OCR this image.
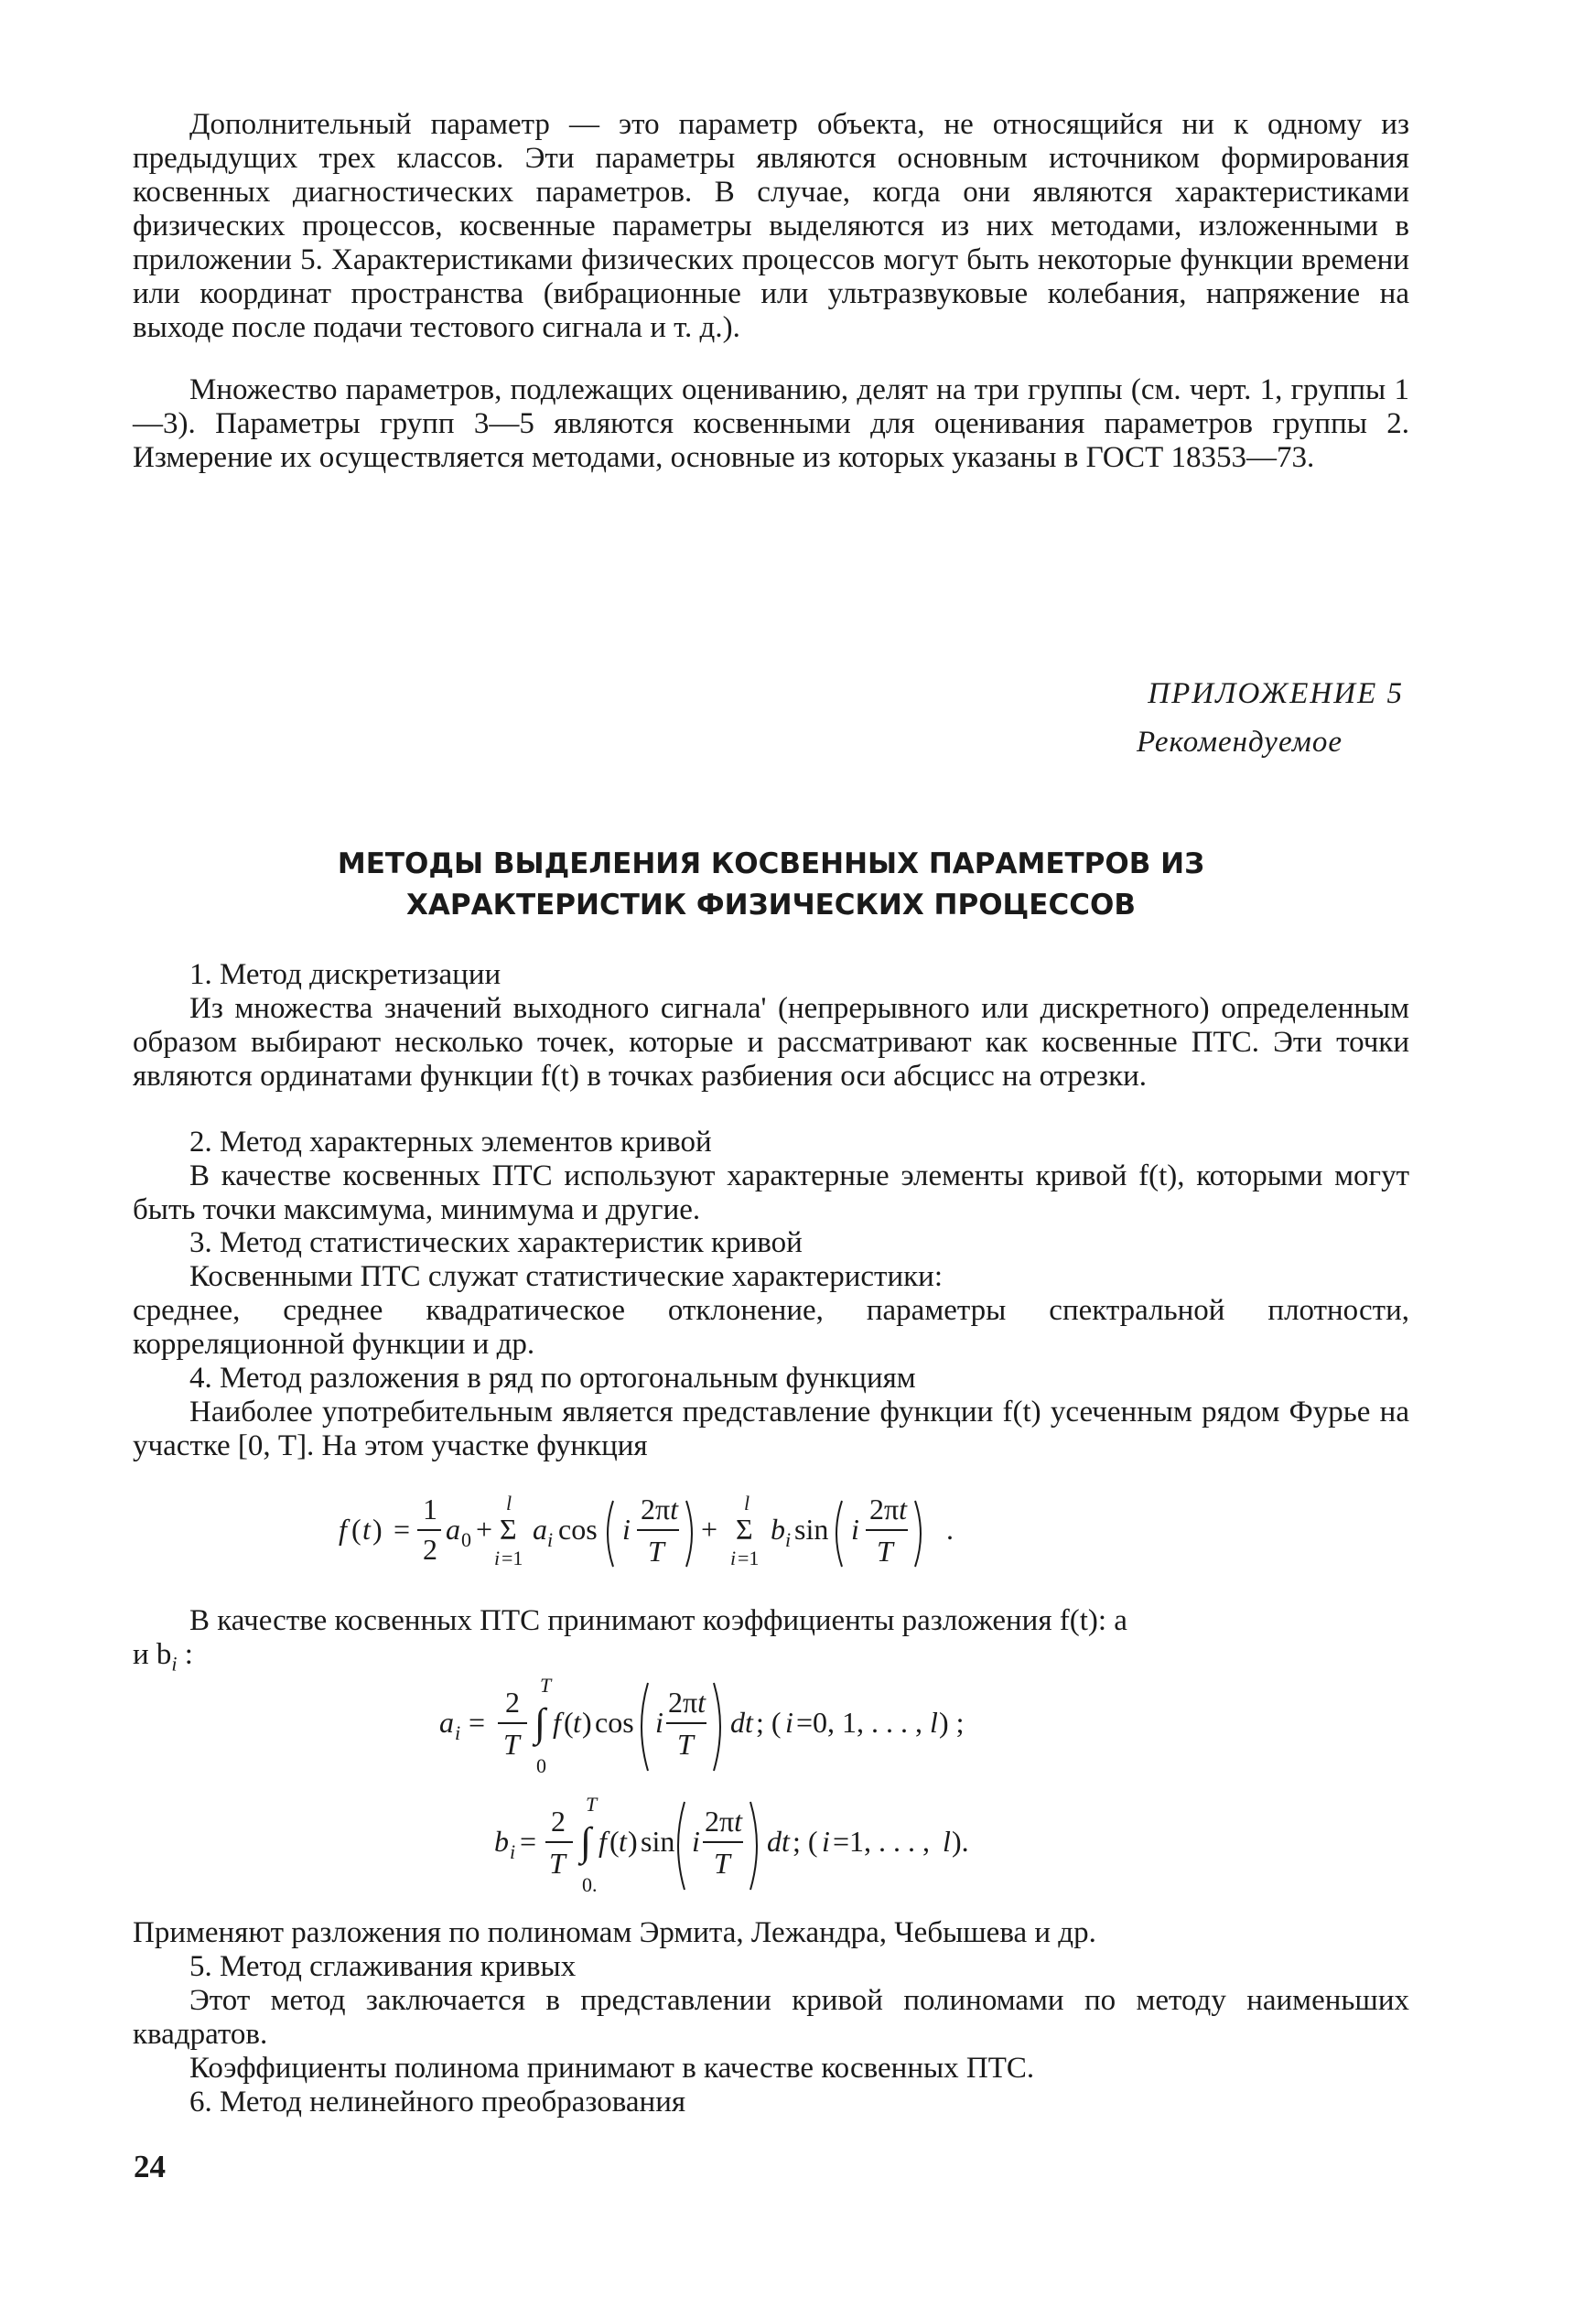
Дополнительный параметр — это параметр объекта, не относящийся ни к одному из предыдущих трех классов. Эти параметры являются основным источником формирования косвенных диагностических параметров. В случае, когда они являются характеристиками физических процессов, косвенные параметры выделяются из них методами, изложенными в приложении 5. Характеристиками физических процессов могут быть некоторые функции времени или координат пространства (вибрационные или ультразвуковые колебания, напряжение на выходе после подачи тестового сигнала и т. д.).

Множество параметров, подлежащих оцениванию, делят на три группы (см. черт. 1, группы 1—3). Параметры групп 3—5 являются косвенными для оценивания параметров группы 2. Измерение их осуществляется методами, основные из которых указаны в ГОСТ 18353—73.

ПРИЛОЖЕНИЕ 5
Рекомендуемое

МЕТОДЫ ВЫДЕЛЕНИЯ КОСВЕННЫХ ПАРАМЕТРОВ ИЗ

ХАРАКТЕРИСТИК ФИЗИЧЕСКИХ ПРОЦЕССОВ

1. Метод дискретизации

Из множества значений выходного сигнала' (непрерывного или дискретного) определенным образом выбирают несколько точек, которые и рассматривают как косвенные ПТС. Эти точки являются ординатами функции f(t) в точках разбиения оси абсцисс на отрезки.

2. Метод характерных элементов кривой

В качестве косвенных ПТС используют характерные элементы кривой f(t), которыми могут быть точки максимума, минимума и другие.

3. Метод статистических характеристик кривой

Косвенными ПТС служат статистические характеристики:

среднее, среднее квадратическое отклонение, параметры спектральной плотности, корреляционной функции и др.

4. Метод разложения в ряд по ортогональным функциям

Наиболее употребительным является представление функции f(t) усеченным рядом Фурье на участке [0, T]. На этом участке функция

f ( t ) =
1
2
a 0 +
l
Σ
i =1
a i cos i
2πt
T
+
l
Σ
i =1
b i sin i
2πt
T
.

В качестве косвенных ПТС принимают коэффициенты разложения f(t): a

и $b_i$ :

a i =
2
T
T
∫
0
f ( t ) cos i
2πt
T
dt ; ( i =0, 1, . . . , l ) ;
b i =
2
T
T
∫
0.
f ( t ) sin i
2πt
T
dt ; ( i =1, . . . , l ).

Применяют разложения по полиномам Эрмита, Лежандра, Чебышева и др.

5. Метод сглаживания кривых

Этот метод заключается в представлении кривой полиномами по методу наименьших квадратов.

Коэффициенты полинома принимают в качестве косвенных ПТС.

6. Метод нелинейного преобразования

24
